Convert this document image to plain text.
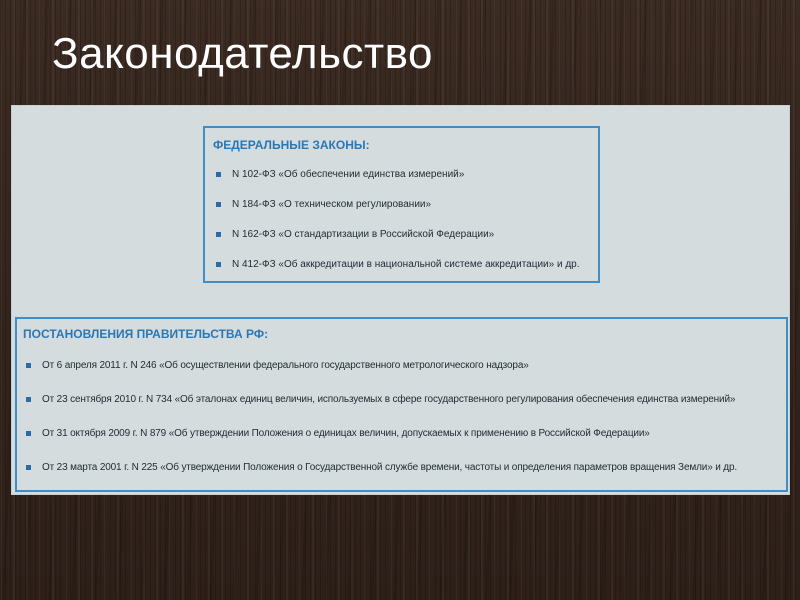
Законодательство
ФЕДЕРАЛЬНЫЕ ЗАКОНЫ:
N 102-ФЗ «Об обеспечении единства измерений»
N 184-ФЗ «О техническом регулировании»
N 162-ФЗ «О стандартизации в Российской Федерации»
N 412-ФЗ «Об аккредитации в национальной системе аккредитации» и др.
ПОСТАНОВЛЕНИЯ ПРАВИТЕЛЬСТВА РФ:
От 6 апреля 2011 г. N 246 «Об осуществлении федерального государственного метрологического надзора»
От 23 сентября 2010 г. N 734 «Об эталонах единиц величин, используемых в сфере государственного регулирования обеспечения единства измерений»
От 31 октября 2009 г. N 879 «Об утверждении Положения о единицах величин, допускаемых к применению в Российской Федерации»
От 23 марта 2001 г. N 225 «Об утверждении Положения о Государственной службе времени, частоты и определения параметров вращения Земли» и др.
